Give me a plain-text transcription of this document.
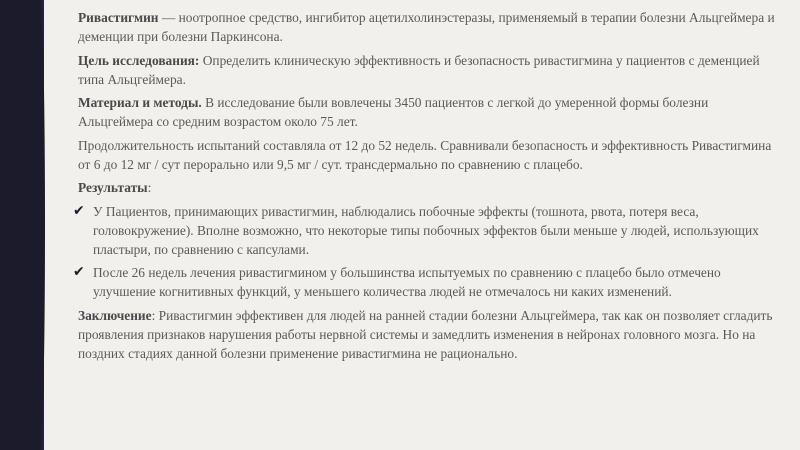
Ривастигмин — ноотропное средство, ингибитор ацетилхолинэстеразы, применяемый в терапии болезни Альцгеймера и деменции при болезни Паркинсона.

Цель исследования: Определить клиническую эффективность и безопасность ривастигмина у пациентов с деменцией типа Альцгеймера.

Материал и методы. В исследование были вовлечены 3450 пациентов с легкой до умеренной формы болезни Альцгеймера со средним возрастом около 75 лет.

Продолжительность испытаний составляла от 12 до 52 недель. Сравнивали безопасность и эффективность Ривастигмина от 6 до 12 мг / сут перорально или 9,5 мг / сут. трансдермально по сравнению с плацебо.

Результаты:

✔ У Пациентов, принимающих ривастигмин, наблюдались побочные эффекты (тошнота, рвота, потеря веса, головокружение). Вполне возможно, что некоторые типы побочных эффектов были меньше у людей, использующих пластыри, по сравнению с капсулами.
✔ После 26 недель лечения ривастигмином у большинства испытуемых по сравнению с плацебо было отмечено улучшение когнитивных функций, у меньшего количества людей не отмечалось ни каких изменений.

Заключение: Ривастигмин эффективен для людей на ранней стадии болезни Альцгеймера, так как он позволяет сгладить проявления признаков нарушения работы нервной системы и замедлить изменения в нейронах головного мозга. Но на поздних стадиях данной болезни применение ривастигмина не рационально.
